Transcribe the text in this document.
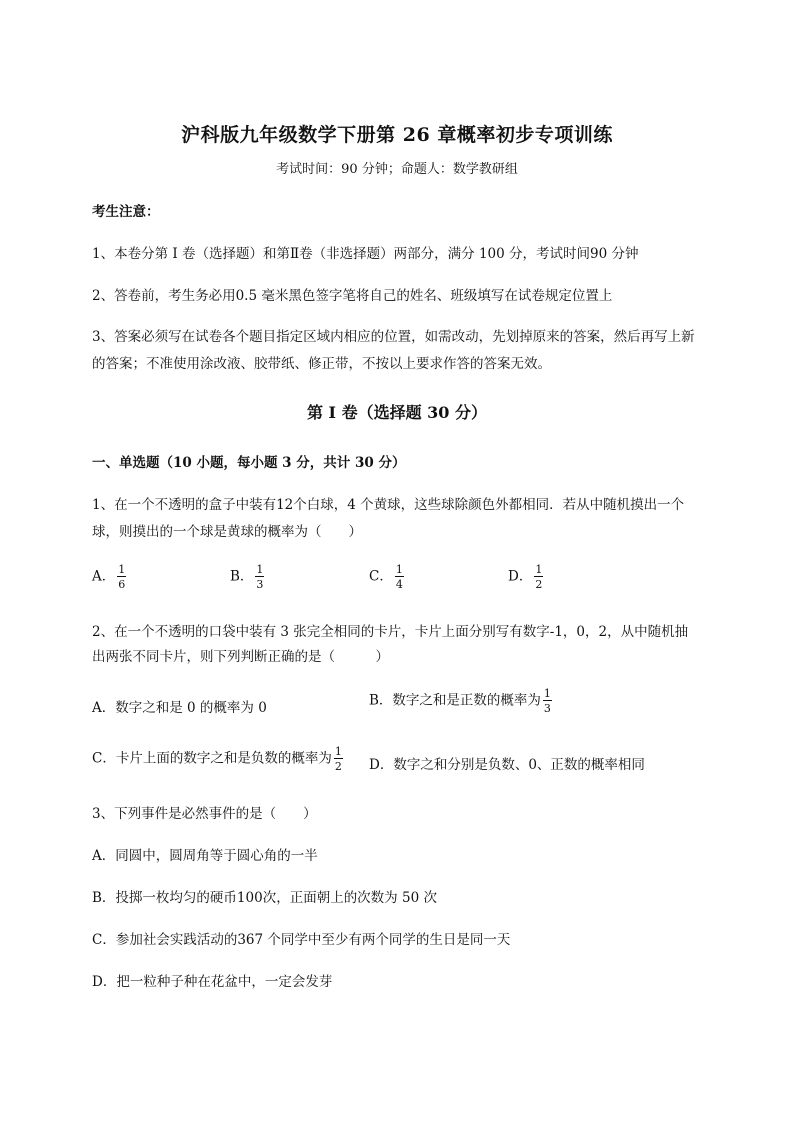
沪科版九年级数学下册第 26 章概率初步专项训练
考试时间：90 分钟；命题人：数学教研组
考生注意：
1、本卷分第 I 卷（选择题）和第Ⅱ卷（非选择题）两部分，满分 100 分，考试时间90 分钟
2、答卷前，考生务必用0.5 毫米黑色签字笔将自己的姓名、班级填写在试卷规定位置上
3、答案必须写在试卷各个题目指定区域内相应的位置，如需改动，先划掉原来的答案，然后再写上新
的答案；不准使用涂改液、胶带纸、修正带，不按以上要求作答的答案无效。
第 I 卷（选择题 30 分）
一、单选题（10 小题，每小题 3 分，共计 30 分）
1、在一个不透明的盒子中装有12个白球，4 个黄球，这些球除颜色外都相同．若从中随机摸出一个
球，则摸出的一个球是黄球的概率为（　　）
A． $\frac{1}{6}$	B． $\frac{1}{3}$	C． $\frac{1}{4}$	D． $\frac{1}{2}$
2、在一个不透明的口袋中装有 3 张完全相同的卡片，卡片上面分别写有数字-1，0，2，从中随机抽
出两张不同卡片，则下列判断正确的是（　　　）
A．数字之和是 0 的概率为 0	B．数字之和是正数的概率为 $\frac{1}{3}$
C．卡片上面的数字之和是负数的概率为 $\frac{1}{2}$ D．数字之和分别是负数、0、正数的概率相同
3、下列事件是必然事件的是（　　）
A．同圆中，圆周角等于圆心角的一半
B．投掷一枚均匀的硬币100次，正面朝上的次数为 50 次
C．参加社会实践活动的367 个同学中至少有两个同学的生日是同一天
D．把一粒种子种在花盆中，一定会发芽
